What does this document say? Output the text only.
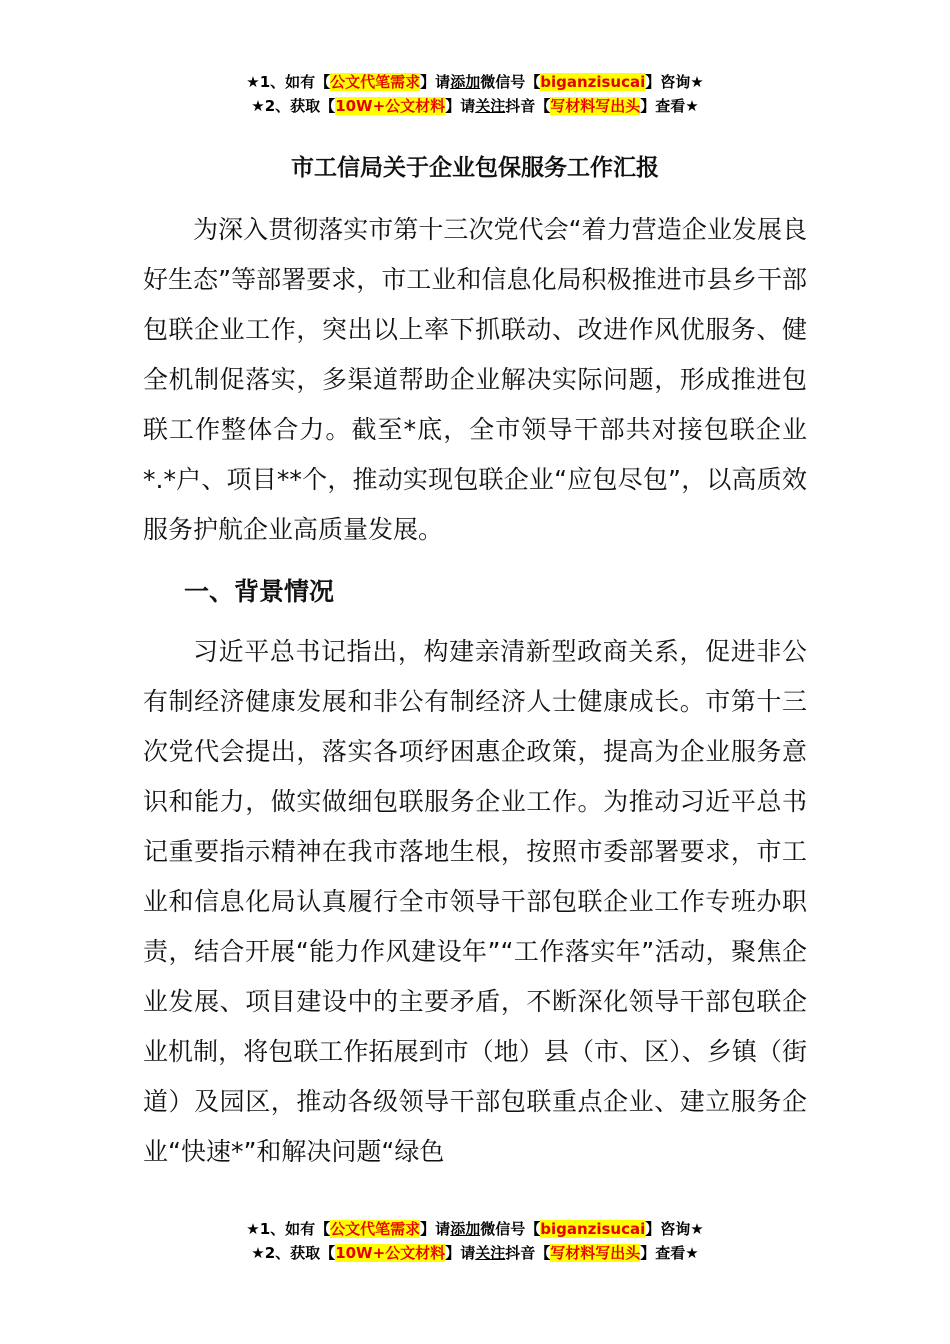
★1、如有【公文代笔需求】请添加微信号【biganzisucai】咨询★
★2、获取【10W+公文材料】请关注抖音【写材料写出头】查看★
市工信局关于企业包保服务工作汇报

为深入贯彻落实市第十三次党代会“着力营造企业发展良好生态”等部署要求，市工业和信息化局积极推进市县乡干部包联企业工作，突出以上率下抓联动、改进作风优服务、健全机制促落实，多渠道帮助企业解决实际问题，形成推进包联工作整体合力。截至*底，全市领导干部共对接包联企业*.*户、项目**个，推动实现包联企业“应包尽包”，以高质效服务护航企业高质量发展。

一、背景情况

习近平总书记指出，构建亲清新型政商关系，促进非公有制经济健康发展和非公有制经济人士健康成长。市第十三次党代会提出，落实各项纾困惠企政策，提高为企业服务意识和能力，做实做细包联服务企业工作。为推动习近平总书记重要指示精神在我市落地生根，按照市委部署要求，市工业和信息化局认真履行全市领导干部包联企业工作专班办职责，结合开展“能力作风建设年”“工作落实年”活动，聚焦企业发展、项目建设中的主要矛盾，不断深化领导干部包联企业机制，将包联工作拓展到市（地）县（市、区）、乡镇（街道）及园区，推动各级领导干部包联重点企业、建立服务企业“快速*”和解决问题“绿色

★1、如有【公文代笔需求】请添加微信号【biganzisucai】咨询★
★2、获取【10W+公文材料】请关注抖音【写材料写出头】查看★
